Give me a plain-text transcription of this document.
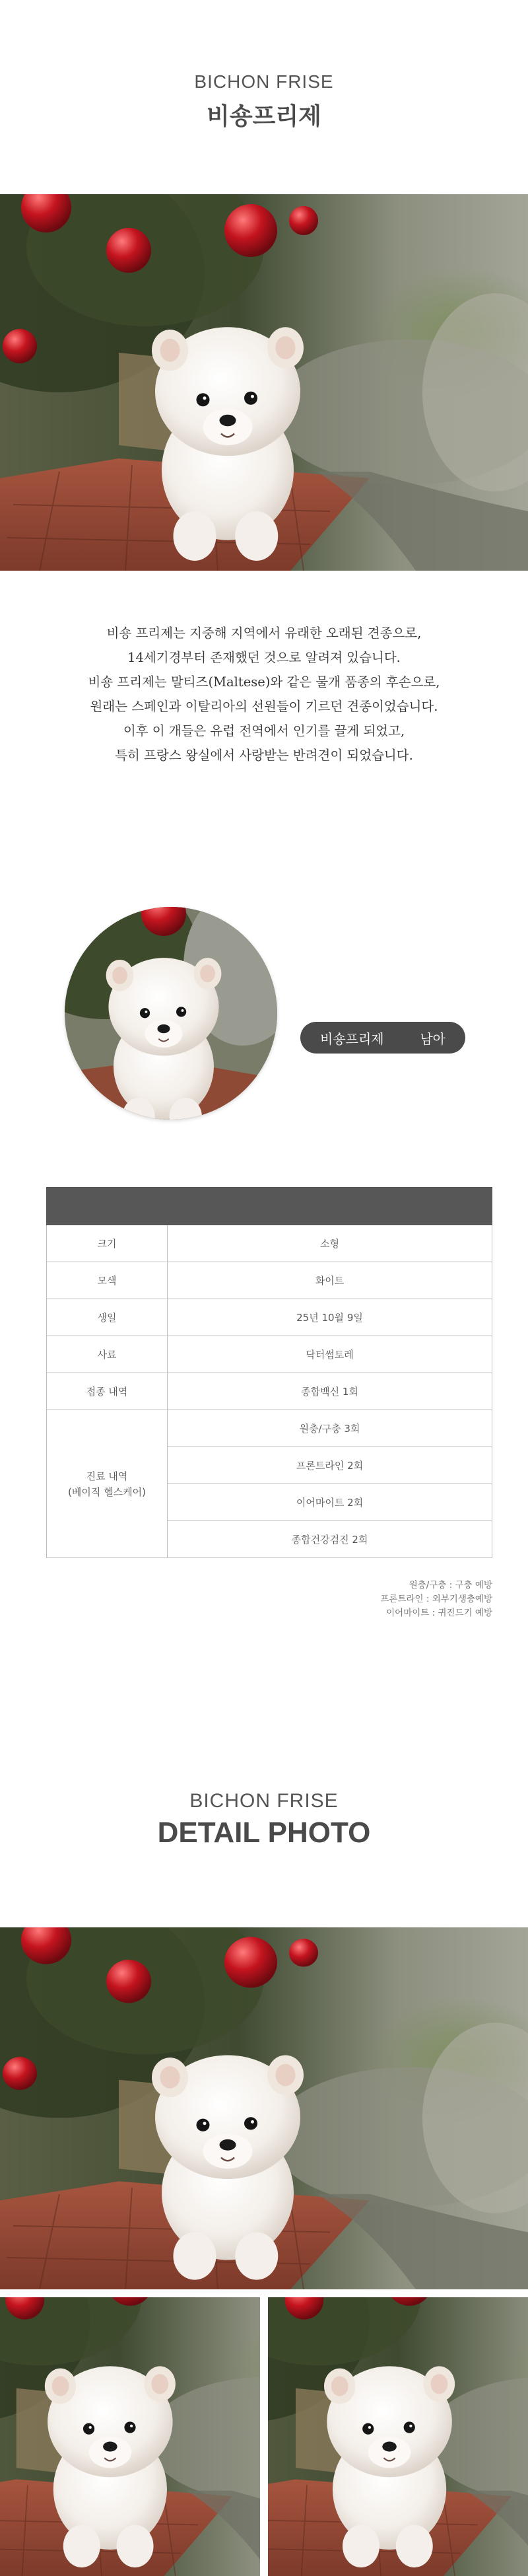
BICHON FRISE
비숑프리제
비숑 프리제는 지중해 지역에서 유래한 오래된 견종으로,
14세기경부터 존재했던 것으로 알려져 있습니다.
비숑 프리제는 말티즈(Maltese)와 같은 물개 품종의 후손으로,
원래는 스페인과 이탈리아의 선원들이 기르던 견종이었습니다.
이후 이 개들은 유럽 전역에서 인기를 끌게 되었고,
특히 프랑스 왕실에서 사랑받는 반려견이 되었습니다.
비숑프리제	남아

크기	소형
모색	화이트
생일	25년 10월 9일
사료	닥터썸토레
접종 내역	종합백신 1회

진료 내역
(베이직 헬스케어)	원충/구충 3회
	프론트라인 2회
	이어마이트 2회
	종합건강검진 2회
원충/구충 : 구충 예방
프론트라인 : 외부기생충예방
이어마이트 : 귀진드기 예방
BICHON FRISE
DETAIL PHOTO
